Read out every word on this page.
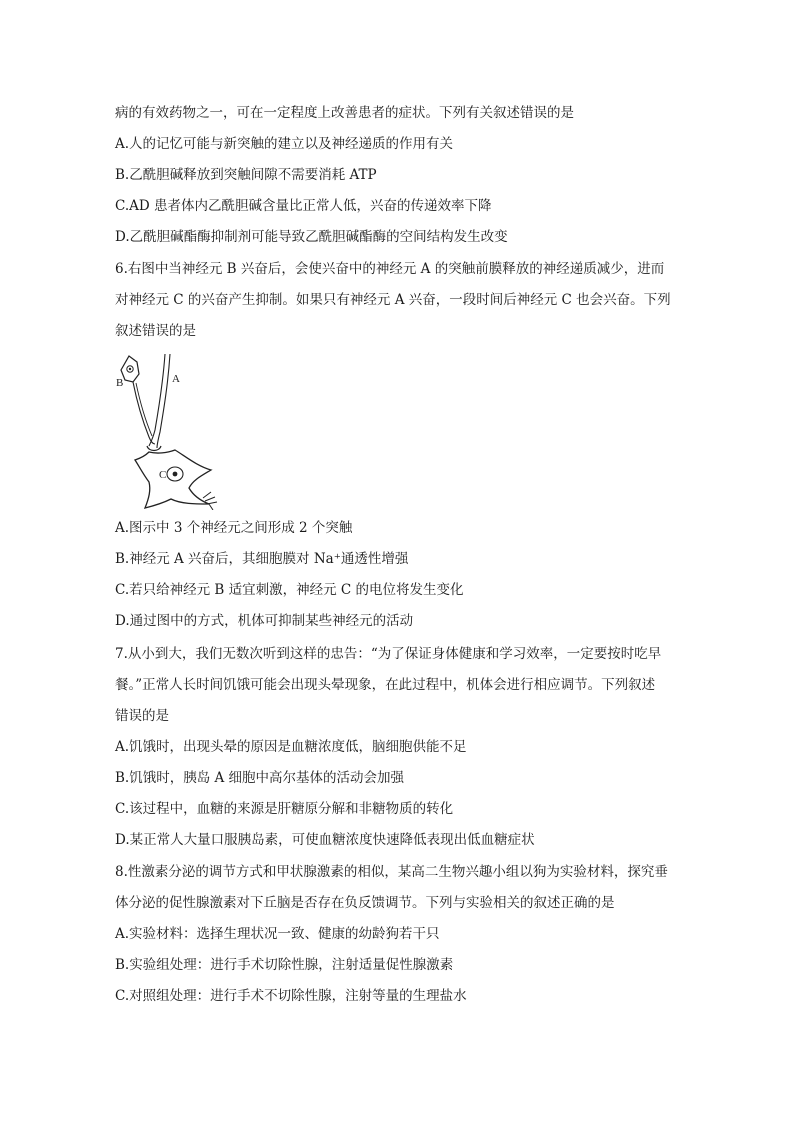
病的有效药物之一，可在一定程度上改善患者的症状。下列有关叙述错误的是
A.人的记忆可能与新突触的建立以及神经递质的作用有关
B.乙酰胆碱释放到突触间隙不需要消耗 ATP
C.AD 患者体内乙酰胆碱含量比正常人低，兴奋的传递效率下降
D.乙酰胆碱酯酶抑制剂可能导致乙酰胆碱酯酶的空间结构发生改变
6.右图中当神经元 B 兴奋后，会使兴奋中的神经元 A 的突触前膜释放的神经递质减少，进而
对神经元 C 的兴奋产生抑制。如果只有神经元 A 兴奋，一段时间后神经元 C 也会兴奋。下列
叙述错误的是
B	A
C
A.图示中 3 个神经元之间形成 2 个突触
B.神经元 A 兴奋后，其细胞膜对 Na⁺通透性增强
C.若只给神经元 B 适宜刺激，神经元 C 的电位将发生变化
D.通过图中的方式，机体可抑制某些神经元的活动
7.从小到大，我们无数次听到这样的忠告：“为了保证身体健康和学习效率，一定要按时吃早
餐。”正常人长时间饥饿可能会出现头晕现象，在此过程中，机体会进行相应调节。下列叙述
错误的是
A.饥饿时，出现头晕的原因是血糖浓度低，脑细胞供能不足
B.饥饿时，胰岛 A 细胞中高尔基体的活动会加强
C.该过程中，血糖的来源是肝糖原分解和非糖物质的转化
D.某正常人大量口服胰岛素，可使血糖浓度快速降低表现出低血糖症状
8.性激素分泌的调节方式和甲状腺激素的相似，某高二生物兴趣小组以狗为实验材料，探究垂
体分泌的促性腺激素对下丘脑是否存在负反馈调节。下列与实验相关的叙述正确的是
A.实验材料：选择生理状况一致、健康的幼龄狗若干只
B.实验组处理：进行手术切除性腺，注射适量促性腺激素
C.对照组处理：进行手术不切除性腺，注射等量的生理盐水
